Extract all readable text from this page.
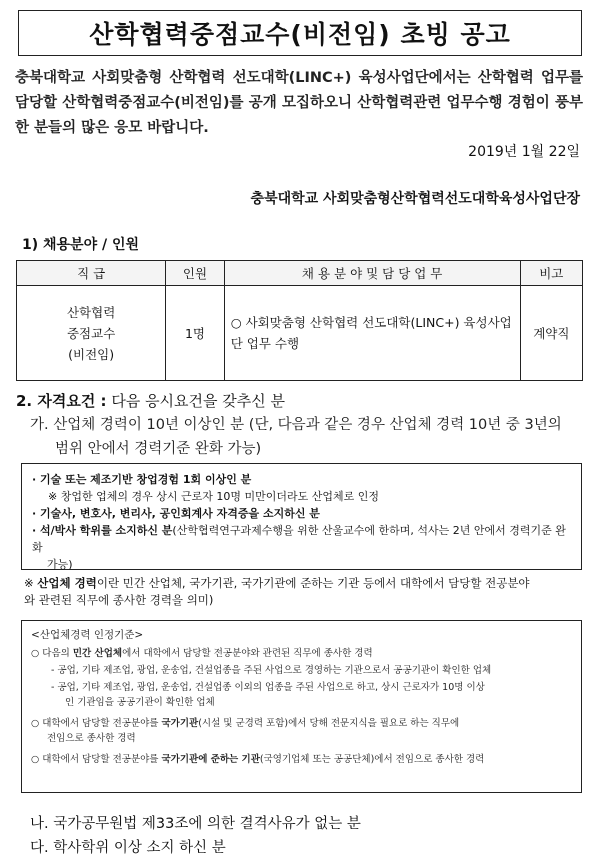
산학협력중점교수(비전임) 초빙 공고
충북대학교 사회맞춤형 산학협력 선도대학(LINC+) 육성사업단에서는 산학협력 업무를 담당할 산학협력중점교수(비전임)를 공개 모집하오니 산학협력관련 업무수행 경험이 풍부한 분들의 많은 응모 바랍니다.
2019년 1월 22일
충북대학교 사회맞춤형산학협력선도대학육성사업단장
1) 채용분야 / 인원
직 급	인원	채 용 분 야 및 담 당 업 무	비고

산학협력
중점교수
(비전임)	1명	○ 사회맞춤형 산학협력 선도대학(LINC+) 육성사업단 업무 수행	계약직
2. 자격요건 : 다음 응시요건을 갖추신 분
가. 산업체 경력이 10년 이상인 분 (단, 다음과 같은 경우 산업체 경력 10년 중 3년의
범위 안에서 경력기준 완화 가능)
· 기술 또는 제조기반 창업경험 1회 이상인 분
※ 창업한 업체의 경우 상시 근로자 10명 미만이더라도 산업체로 인정
· 기술사, 변호사, 변리사, 공인회계사 자격증을 소지하신 분
· 석/박사 학위를 소지하신 분(산학협력연구과제수행을 위한 산울교수에 한하며, 석사는 2년 안에서 경력기준 완화
가능)
※ 산업체 경력이란 민간 산업체, 국가기관, 국가기관에 준하는 기관 등에서 대학에서 담당할 전공분야
와 관련된 직무에 종사한 경력을 의미)
<산업체경력 인정기준>
○ 다음의 민간 산업체에서 대학에서 담당할 전공분야와 관련된 직무에 종사한 경력
- 공업, 기타 제조업, 광업, 운송업, 건설업종을 주된 사업으로 경영하는 기관으로서 공공기관이 확인한 업체
- 공업, 기타 제조업, 광업, 운송업, 건설업종 이외의 업종을 주된 사업으로 하고, 상시 근로자가 10명 이상
인 기관임을 공공기관이 확인한 업체
○ 대학에서 담당할 전공분야를 국가기관(시설 및 군경력 포함)에서 당해 전문지식을 필요로 하는 직무에
전임으로 종사한 경력
○ 대학에서 담당할 전공분야를 국가기관에 준하는 기관(국영기업체 또는 공공단체)에서 전임으로 종사한 경력
나. 국가공무원법 제33조에 의한 결격사유가 없는 분
다. 학사학위 이상 소지 하신 분
